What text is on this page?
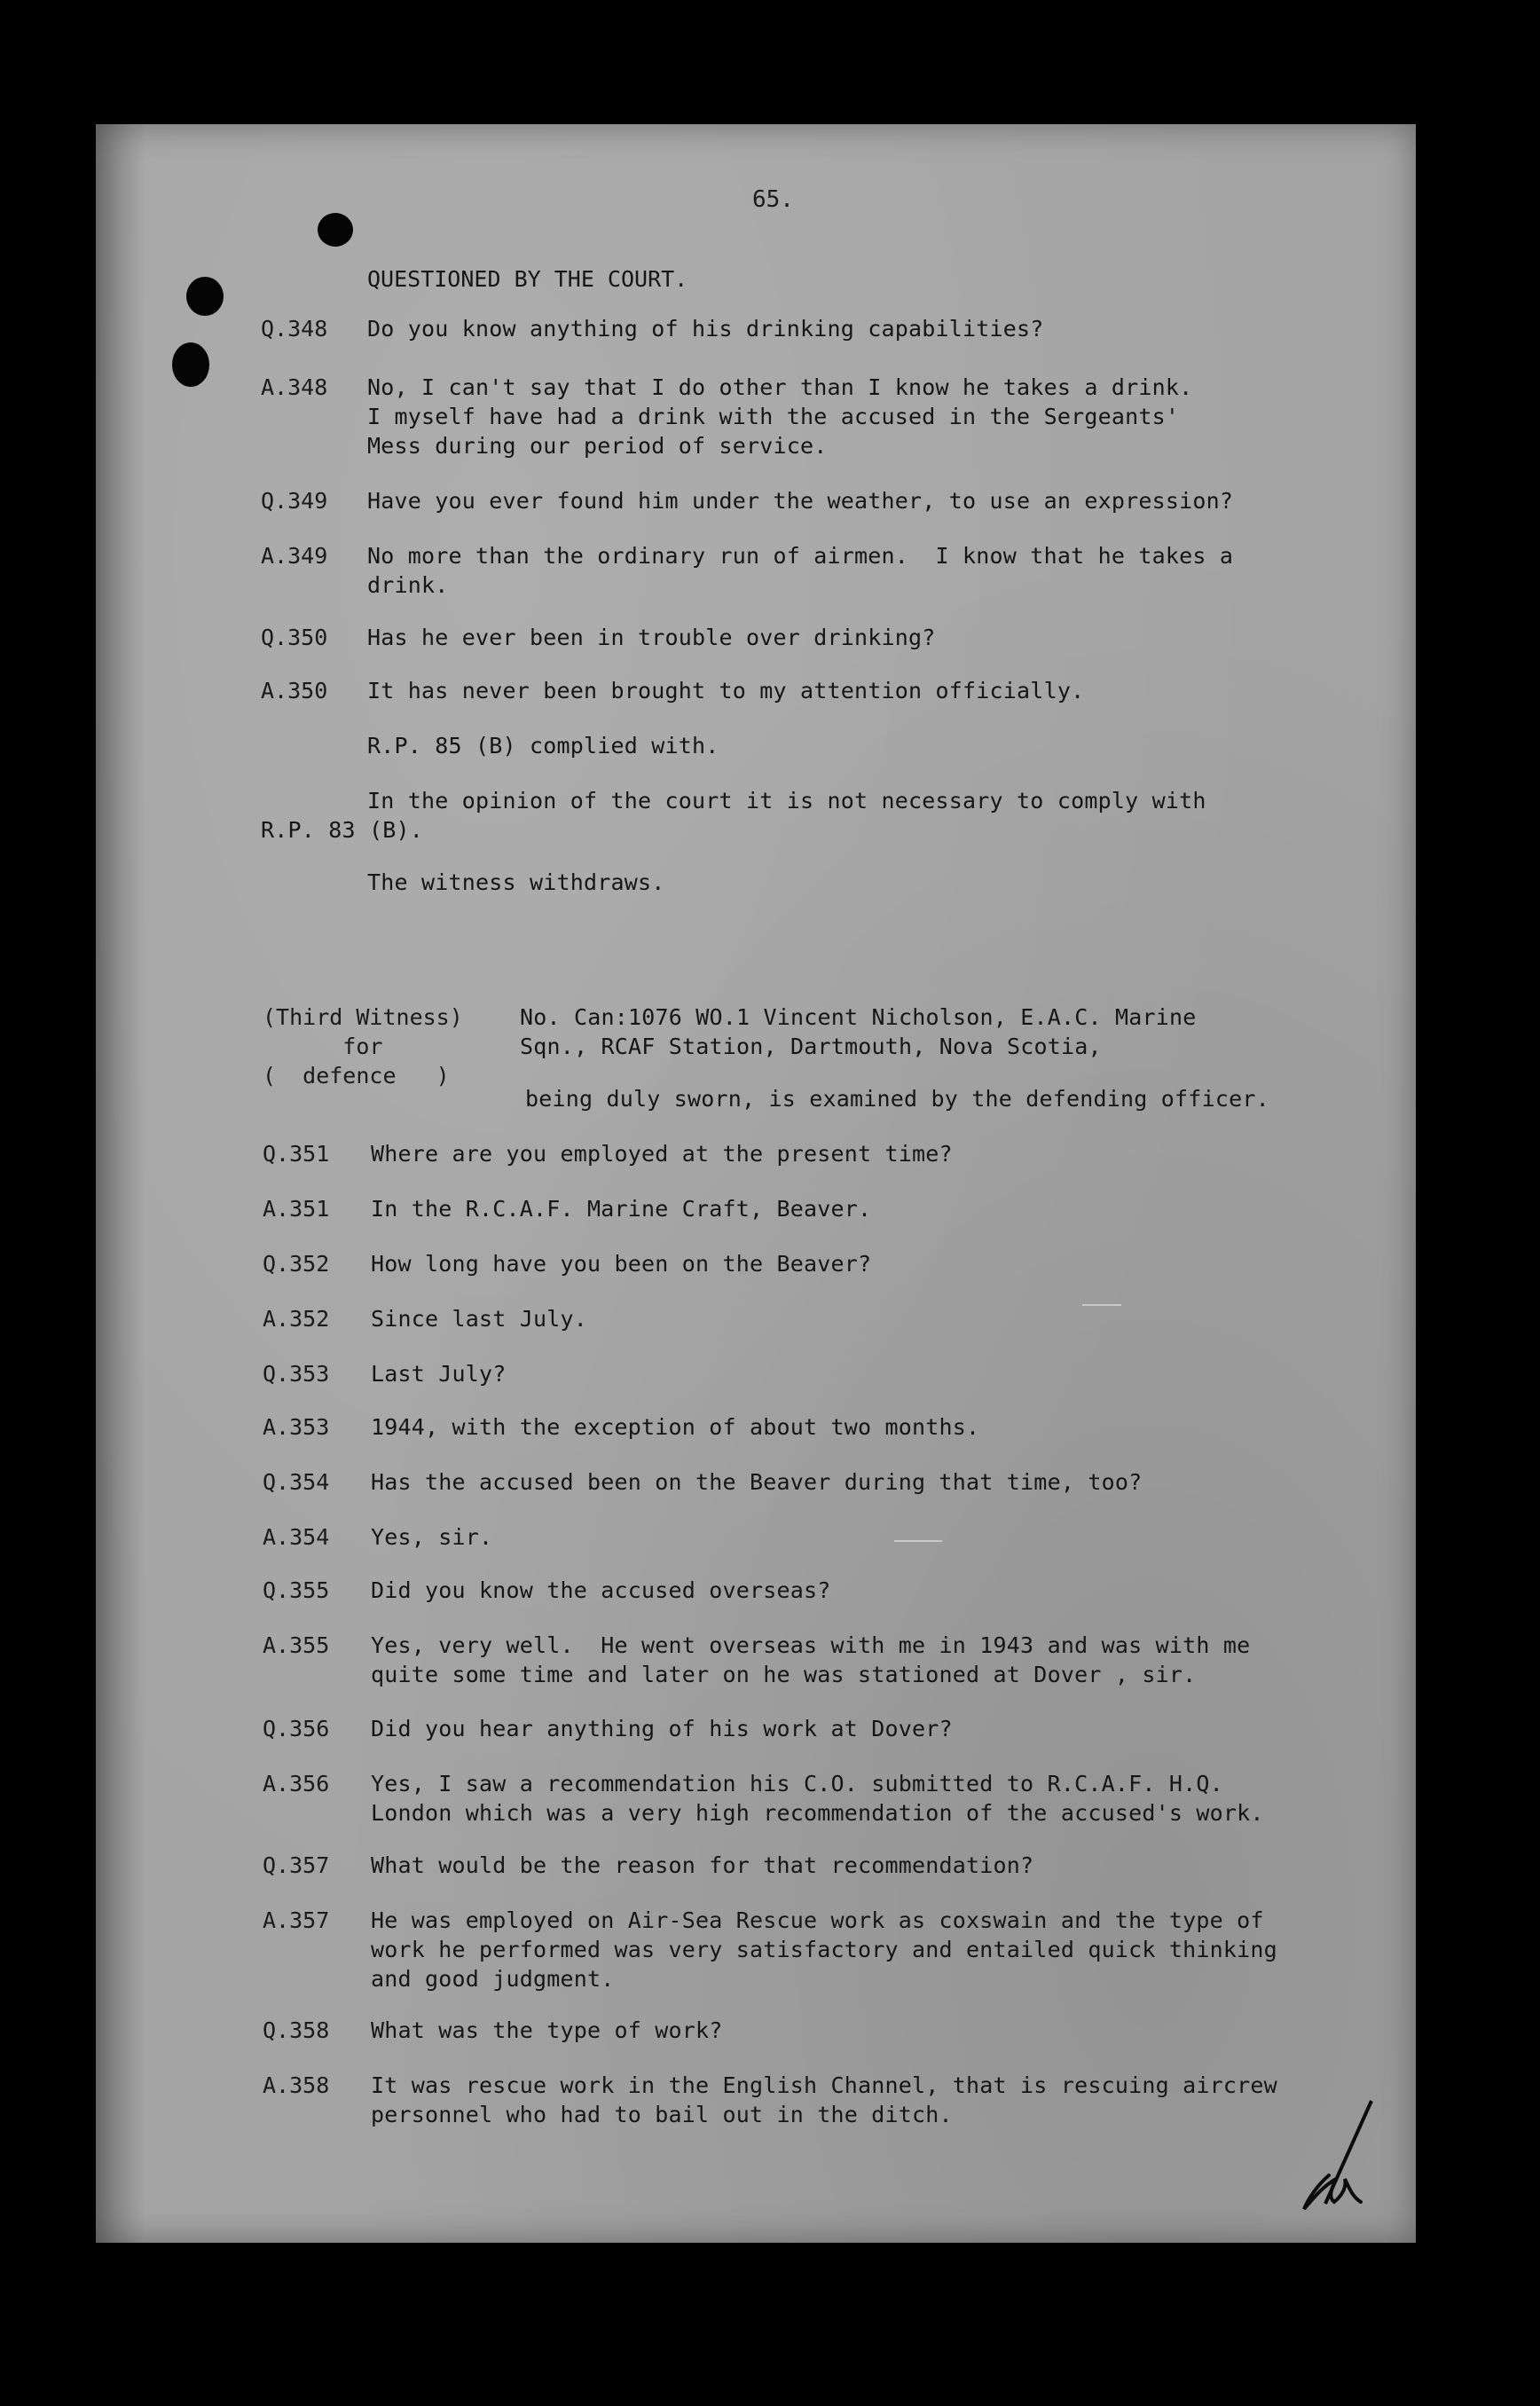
65.
QUESTIONED BY THE COURT.
Q.348 Do you know anything of his drinking capabilities?
A.348 No, I can't say that I do other than I know he takes a drink.
I myself have had a drink with the accused in the Sergeants'
Mess during our period of service.
Q.349 Have you ever found him under the weather, to use an expression?
A.349 No more than the ordinary run of airmen.  I know that he takes a
drink.
Q.350 Has he ever been in trouble over drinking?
A.350 It has never been brought to my attention officially.
R.P. 85 (B) complied with.
In the opinion of the court it is not necessary to comply with
R.P. 83 (B).
The witness withdraws.
(Third Witness)
for
(  defence   )
No. Can:1076 WO.1 Vincent Nicholson, E.A.C. Marine
Sqn., RCAF Station, Dartmouth, Nova Scotia,
being duly sworn, is examined by the defending officer.
Q.351 Where are you employed at the present time?
A.351 In the R.C.A.F. Marine Craft, Beaver.
Q.352 How long have you been on the Beaver?
A.352 Since last July.
Q.353 Last July?
A.353 1944, with the exception of about two months.
Q.354 Has the accused been on the Beaver during that time, too?
A.354 Yes, sir.
Q.355 Did you know the accused overseas?
A.355 Yes, very well.  He went overseas with me in 1943 and was with me
quite some time and later on he was stationed at Dover , sir.
Q.356 Did you hear anything of his work at Dover?
A.356 Yes, I saw a recommendation his C.O. submitted to R.C.A.F. H.Q.
London which was a very high recommendation of the accused's work.
Q.357 What would be the reason for that recommendation?
A.357 He was employed on Air-Sea Rescue work as coxswain and the type of
work he performed was very satisfactory and entailed quick thinking
and good judgment.
Q.358 What was the type of work?
A.358 It was rescue work in the English Channel, that is rescuing aircrew
personnel who had to bail out in the ditch.
